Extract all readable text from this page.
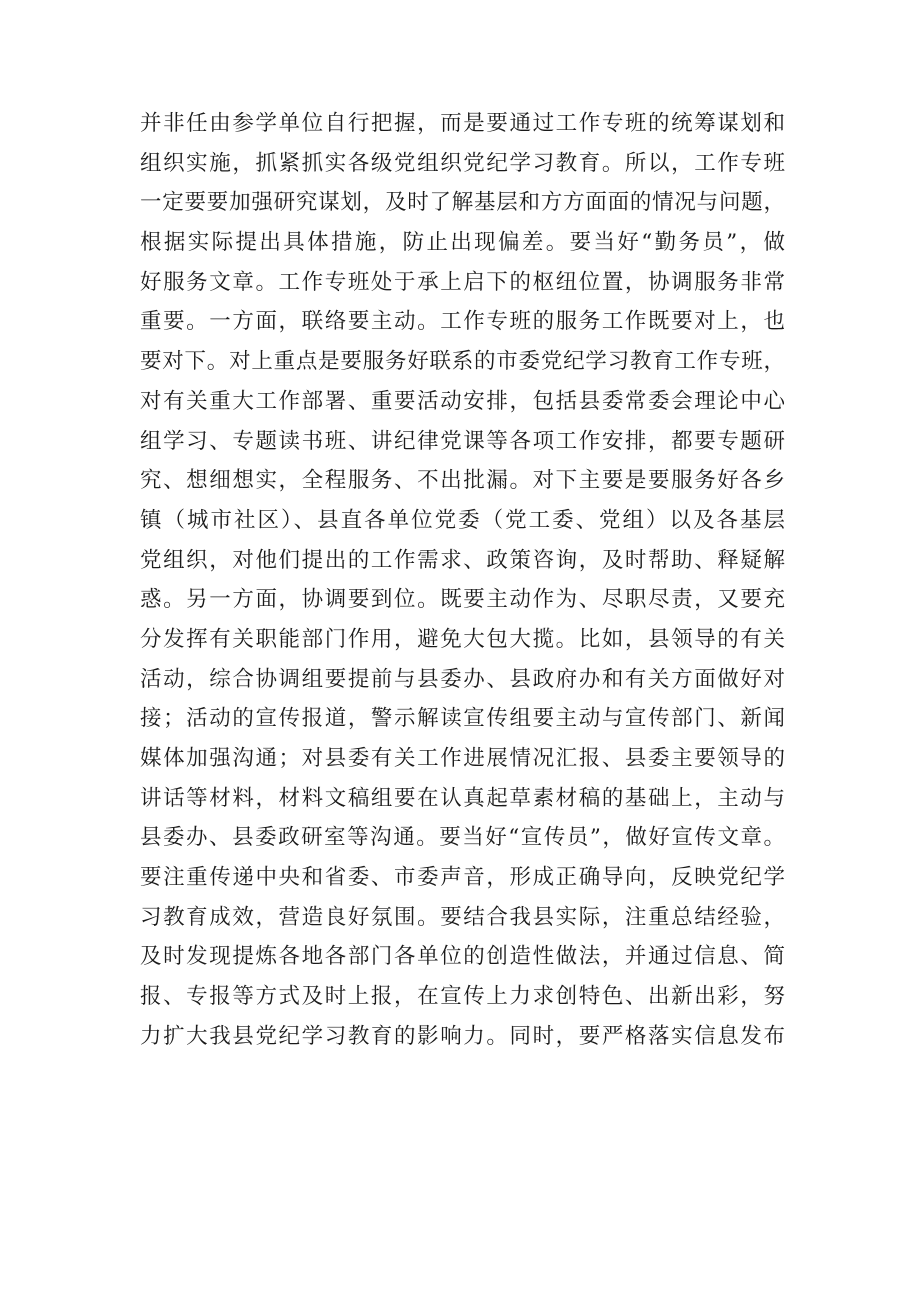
并非任由参学单位自行把握，而是要通过工作专班的统筹谋划和
组织实施，抓紧抓实各级党组织党纪学习教育。所以，工作专班
一定要要加强研究谋划，及时了解基层和方方面面的情况与问题，
根据实际提出具体措施，防止出现偏差。要当好“勤务员”，做
好服务文章。工作专班处于承上启下的枢纽位置，协调服务非常
重要。一方面，联络要主动。工作专班的服务工作既要对上，也
要对下。对上重点是要服务好联系的市委党纪学习教育工作专班，
对有关重大工作部署、重要活动安排，包括县委常委会理论中心
组学习、专题读书班、讲纪律党课等各项工作安排，都要专题研
究、想细想实，全程服务、不出批漏。对下主要是要服务好各乡
镇（城市社区）、县直各单位党委（党工委、党组）以及各基层
党组织，对他们提出的工作需求、政策咨询，及时帮助、释疑解
惑。另一方面，协调要到位。既要主动作为、尽职尽责，又要充
分发挥有关职能部门作用，避免大包大揽。比如，县领导的有关
活动，综合协调组要提前与县委办、县政府办和有关方面做好对
接；活动的宣传报道，警示解读宣传组要主动与宣传部门、新闻
媒体加强沟通；对县委有关工作进展情况汇报、县委主要领导的
讲话等材料，材料文稿组要在认真起草素材稿的基础上，主动与
县委办、县委政研室等沟通。要当好“宣传员”，做好宣传文章。
要注重传递中央和省委、市委声音，形成正确导向，反映党纪学
习教育成效，营造良好氛围。要结合我县实际，注重总结经验，
及时发现提炼各地各部门各单位的创造性做法，并通过信息、简
报、专报等方式及时上报，在宣传上力求创特色、出新出彩，努
力扩大我县党纪学习教育的影响力。同时，要严格落实信息发布
